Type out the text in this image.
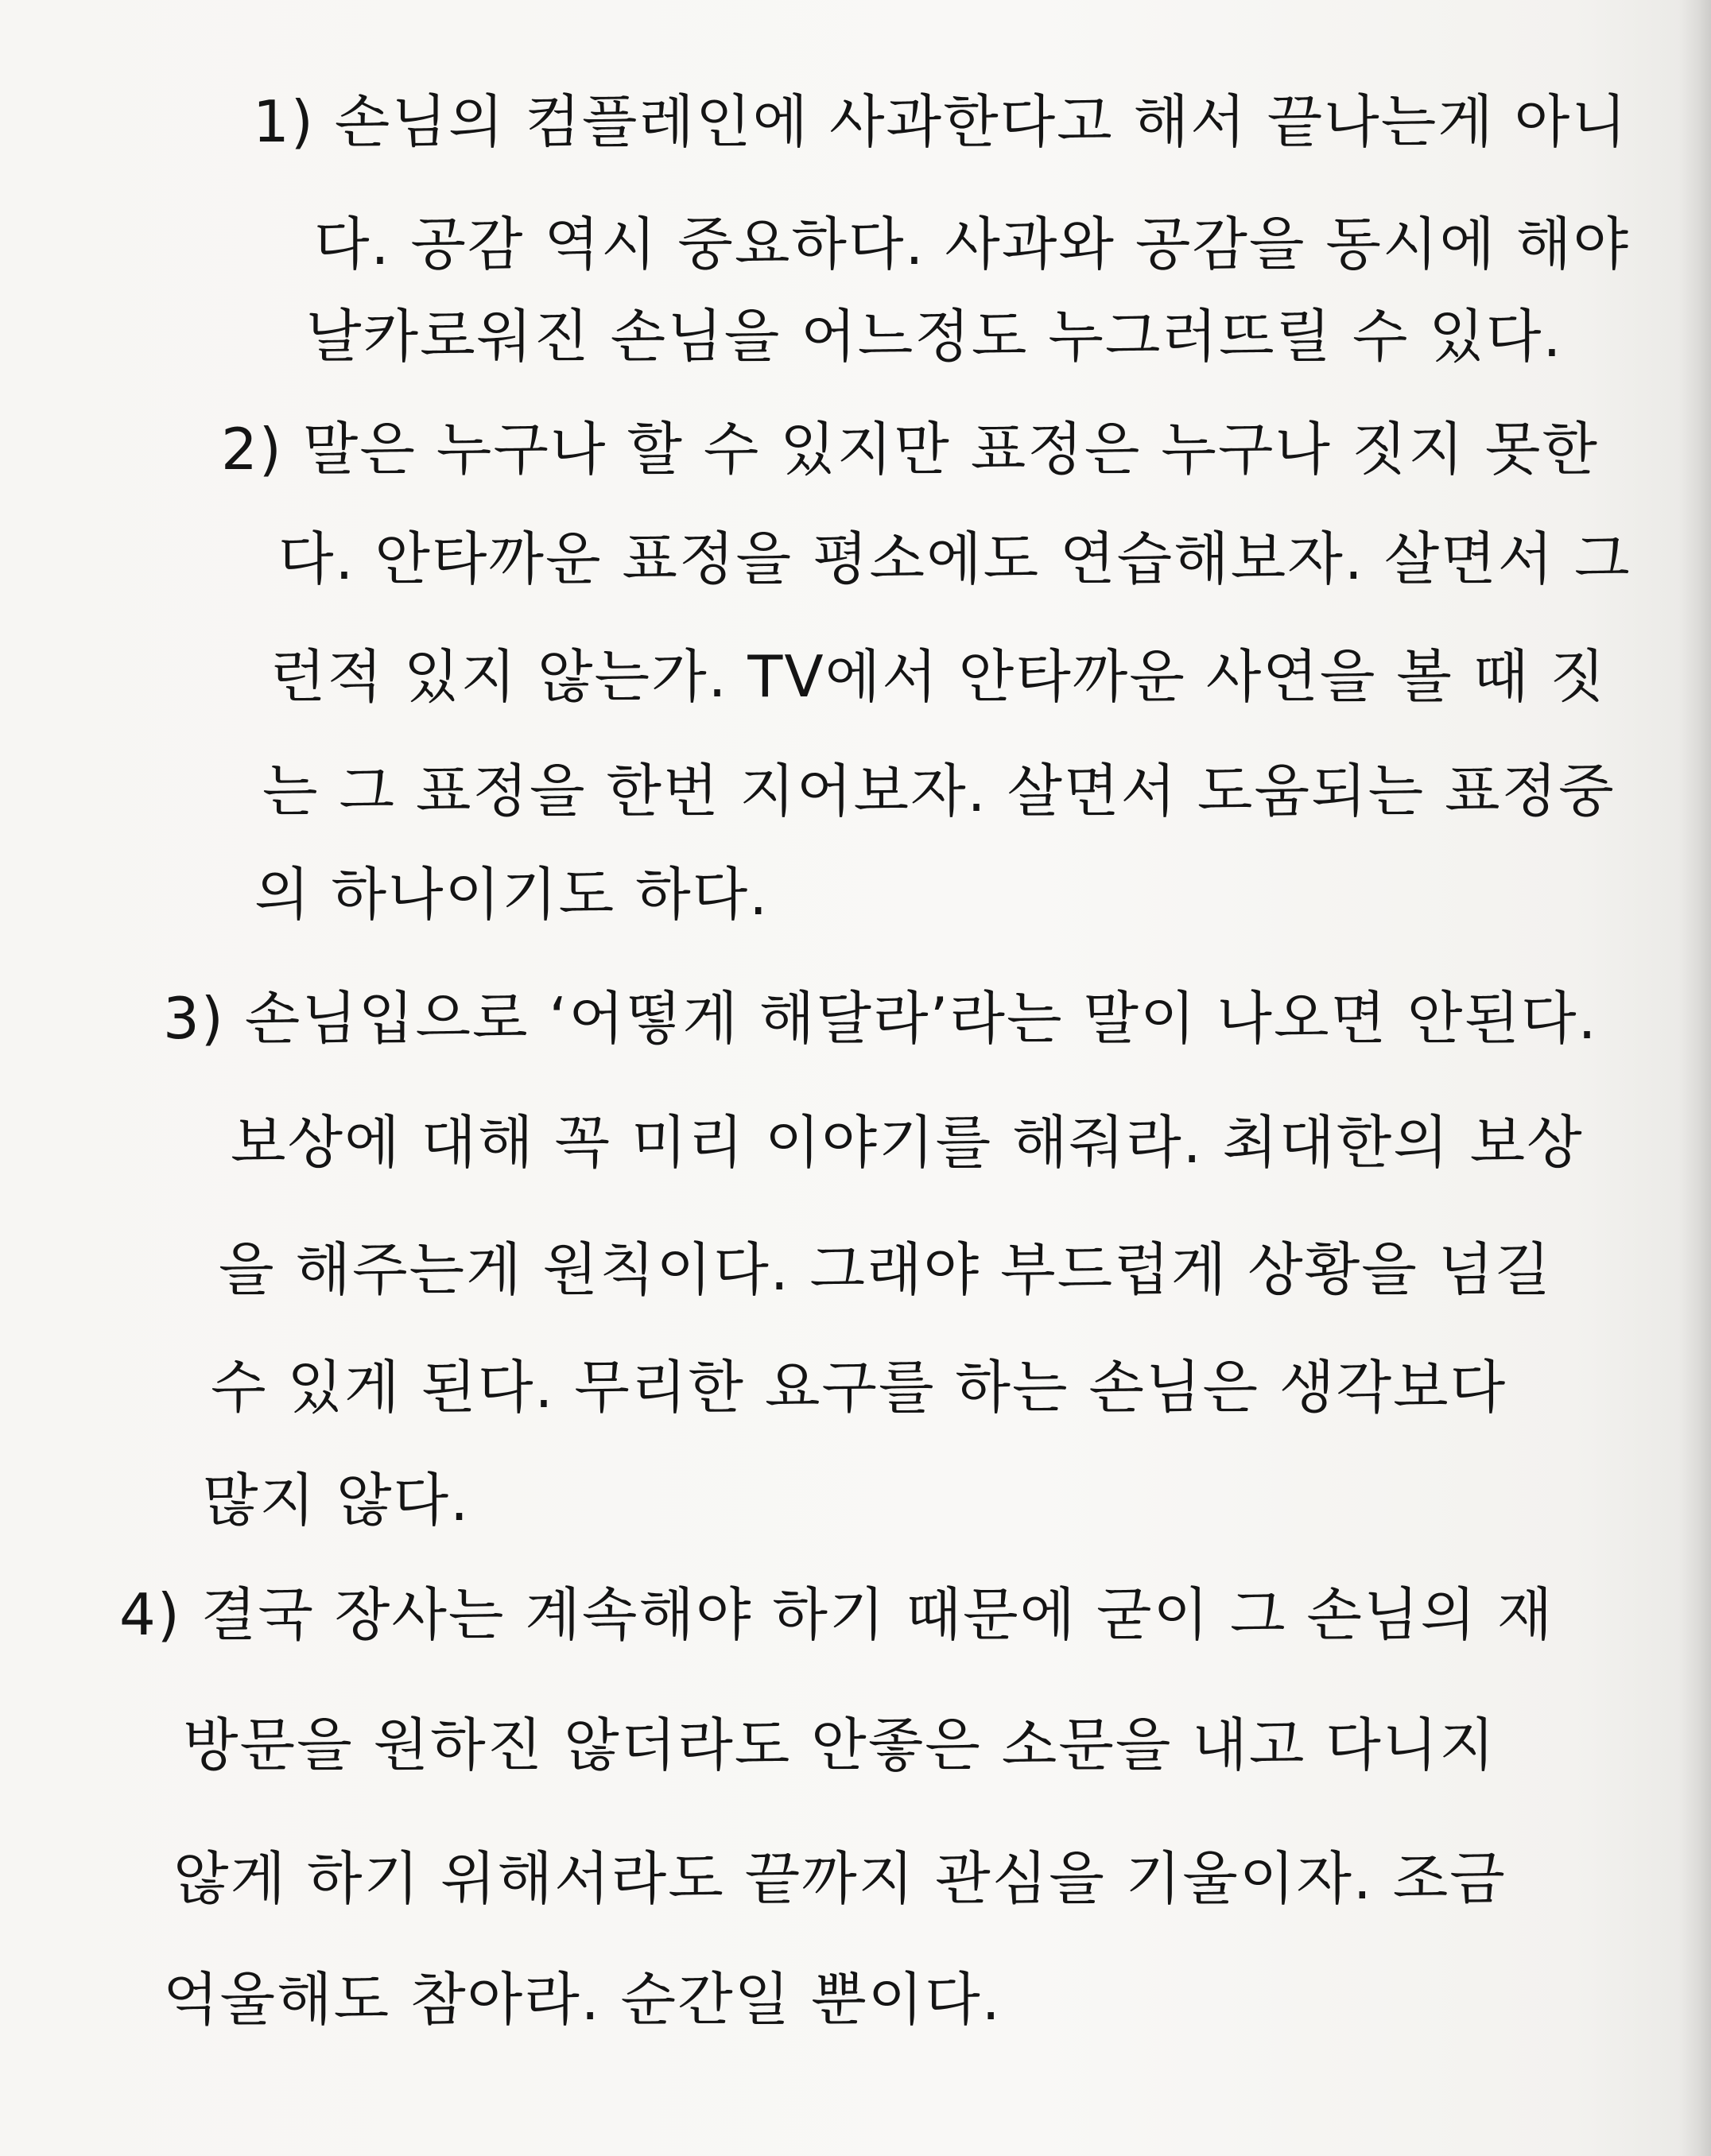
1) 손님의 컴플레인에 사과한다고 해서 끝나는게 아니
다. 공감 역시 중요하다. 사과와 공감을 동시에 해야
날카로워진 손님을 어느정도 누그러뜨릴 수 있다.
2) 말은 누구나 할 수 있지만 표정은 누구나 짓지 못한
다. 안타까운 표정을 평소에도 연습해보자. 살면서 그
런적 있지 않는가. TV에서 안타까운 사연을 볼 때 짓
는 그 표정을 한번 지어보자. 살면서 도움되는 표정중
의 하나이기도 하다.
3) 손님입으로 ‘어떻게 해달라’라는 말이 나오면 안된다.
보상에 대해 꼭 미리 이야기를 해줘라. 최대한의 보상
을 해주는게 원칙이다. 그래야 부드럽게 상황을 넘길
수 있게 된다. 무리한 요구를 하는 손님은 생각보다
많지 않다.
4) 결국 장사는 계속해야 하기 때문에 굳이 그 손님의 재
방문을 원하진 않더라도 안좋은 소문을 내고 다니지
않게 하기 위해서라도 끝까지 관심을 기울이자. 조금
억울해도 참아라. 순간일 뿐이다.
